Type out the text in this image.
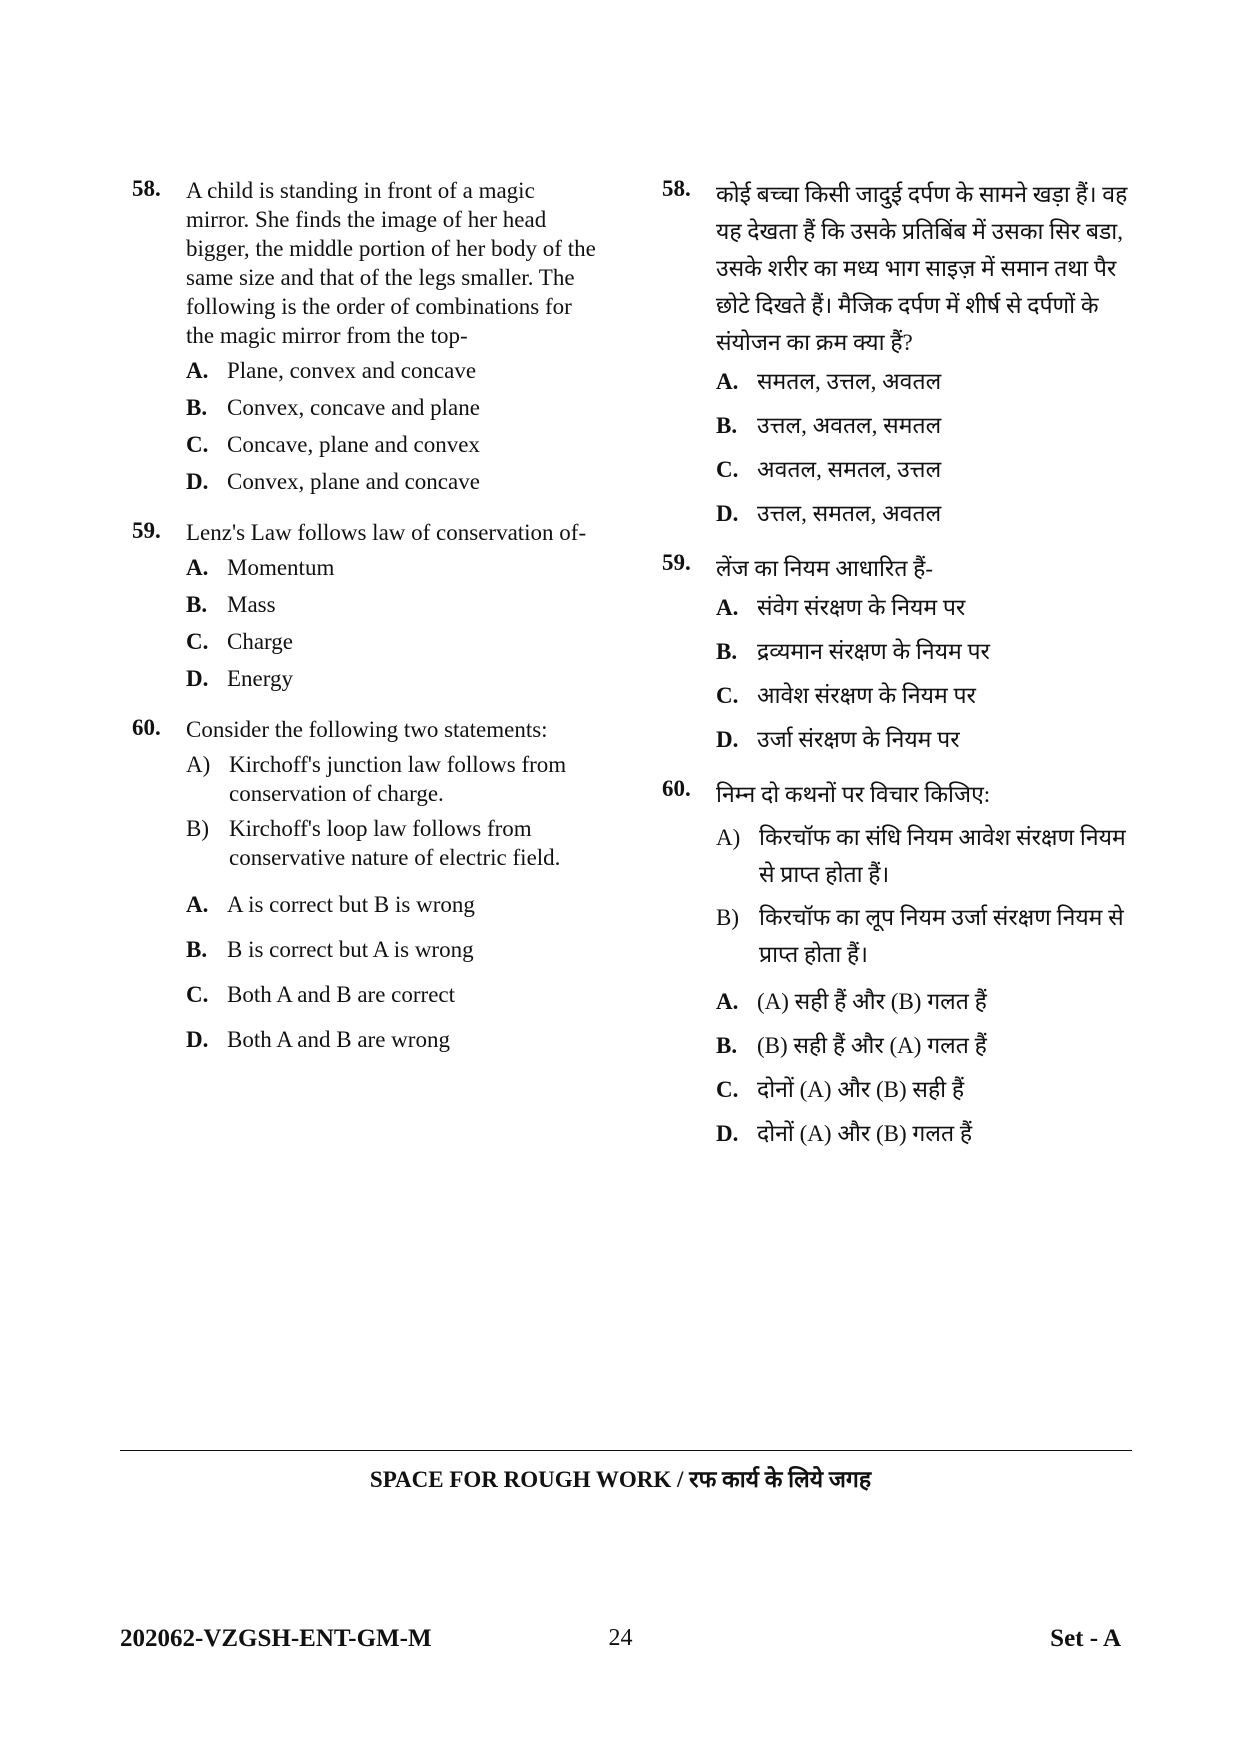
58. A child is standing in front of a magic mirror. She finds the image of her head bigger, the middle portion of her body of the same size and that of the legs smaller. The following is the order of combinations for the magic mirror from the top-
A. Plane, convex and concave
B. Convex, concave and plane
C. Concave, plane and convex
D. Convex, plane and concave
59. Lenz's Law follows law of conservation of-
A. Momentum
B. Mass
C. Charge
D. Energy
60. Consider the following two statements:
A) Kirchoff's junction law follows from conservation of charge.
B) Kirchoff's loop law follows from conservative nature of electric field.
A. A is correct but B is wrong
B. B is correct but A is wrong
C. Both A and B are correct
D. Both A and B are wrong
58. कोई बच्चा किसी जादुई दर्पण के सामने खड़ा हैं। वह यह देखता हैं कि उसके प्रतिबिंब में उसका सिर बडा, उसके शरीर का मध्य भाग साइज़ में समान तथा पैर छोटे दिखते हैं। मैजिक दर्पण में शीर्ष से दर्पणों के संयोजन का क्रम क्या हैं?
A. समतल, उत्तल, अवतल
B. उत्तल, अवतल, समतल
C. अवतल, समतल, उत्तल
D. उत्तल, समतल, अवतल
59. लेंज का नियम आधारित हैं-
A. संवेग संरक्षण के नियम पर
B. द्रव्यमान संरक्षण के नियम पर
C. आवेश संरक्षण के नियम पर
D. उर्जा संरक्षण के नियम पर
60. निम्न दो कथनों पर विचार किजिए:
A) किरचॉफ का संधि नियम आवेश संरक्षण नियम से प्राप्त होता हैं।
B) किरचॉफ का लूप नियम उर्जा संरक्षण नियम से प्राप्त होता हैं।
A. (A) सही हैं और (B) गलत हैं
B. (B) सही हैं और (A) गलत हैं
C. दोनों (A) और (B) सही हैं
D. दोनों (A) और (B) गलत हैं
SPACE FOR ROUGH WORK / रफ कार्य के लिये जगह
202062-VZGSH-ENT-GM-M	24	Set - A
